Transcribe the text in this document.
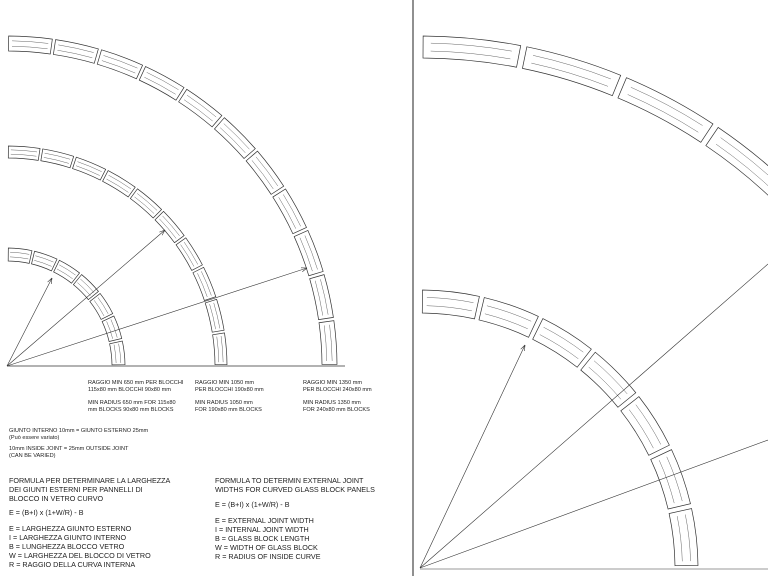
RAGGIO MIN 650 mm PER BLOCCHI
115x80 mm BLOCCHI 90x80 mm
MIN RADIUS 650 mm FOR 115x80
mm BLOCKS 90x80 mm BLOCKS
RAGGIO MIN 1050 mm
PER BLOCCHI 190x80 mm
MIN RADIUS 1050 mm
FOR 190x80 mm BLOCKS
RAGGIO MIN 1350 mm
PER BLOCCHI 240x80 mm
MIN RADIUS 1350 mm
FOR 240x80 mm BLOCKS
GIUNTO INTERNO 10mm = GIUNTO ESTERNO 25mm
(Può essere variato)
10mm INSIDE JOINT = 25mm OUTSIDE JOINT
(CAN BE VARIED)
FORMULA PER DETERMINARE LA LARGHEZZA
DEI GIUNTI ESTERNI PER PANNELLI DI
BLOCCO IN VETRO CURVO
E = (B+I) x (1+W/R) - B
E = LARGHEZZA GIUNTO ESTERNO
I = LARGHEZZA GIUNTO INTERNO
B = LUNGHEZZA BLOCCO VETRO
W = LARGHEZZA DEL BLOCCO DI VETRO
R = RAGGIO DELLA CURVA INTERNA
FORMULA TO DETERMIN EXTERNAL JOINT
WIDTHS FOR CURVED GLASS BLOCK PANELS
E = (B+I) x (1+W/R) - B
E = EXTERNAL JOINT WIDTH
I = INTERNAL JOINT WIDTH
B = GLASS BLOCK LENGTH
W = WIDTH OF GLASS BLOCK
R = RADIUS OF INSIDE CURVE
